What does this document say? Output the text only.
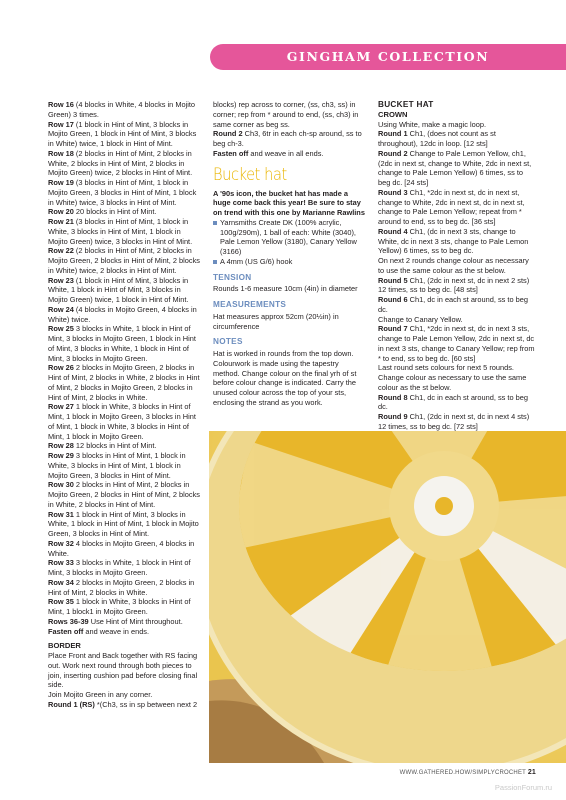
GINGHAM COLLECTION

Row 16 (4 blocks in White, 4 blocks in Mojito Green) 3 times.

Row 17 (1 block in Hint of Mint, 3 blocks in Mojito Green, 1 block in Hint of Mint, 3 blocks in White) twice, 1 block in Hint of Mint.

Row 18 (2 blocks in Hint of Mint, 2 blocks in White, 2 blocks in Hint of Mint, 2 blocks in Mojito Green) twice, 2 blocks in Hint of Mint.

Row 19 (3 blocks in Hint of Mint, 1 block in Mojito Green, 3 blocks in Hint of Mint, 1 block in White) twice, 3 blocks in Hint of Mint.

Row 20 20 blocks in Hint of Mint.

Row 21 (3 blocks in Hint of Mint, 1 block in White, 3 blocks in Hint of Mint, 1 block in Mojito Green) twice, 3 blocks in Hint of Mint.

Row 22 (2 blocks in Hint of Mint, 2 blocks in Mojito Green, 2 blocks in Hint of Mint, 2 blocks in White) twice, 2 blocks in Hint of Mint.

Row 23 (1 block in Hint of Mint, 3 blocks in White, 1 block in Hint of Mint, 3 blocks in Mojito Green) twice, 1 block in Hint of Mint.

Row 24 (4 blocks in Mojito Green, 4 blocks in White) twice.

Row 25 3 blocks in White, 1 block in Hint of Mint, 3 blocks in Mojito Green, 1 block in Hint of Mint, 3 blocks in White, 1 block in Hint of Mint, 3 blocks in Mojito Green.

Row 26 2 blocks in Mojito Green, 2 blocks in Hint of Mint, 2 blocks in White, 2 blocks in Hint of Mint, 2 blocks in Mojito Green, 2 blocks in Hint of Mint, 2 blocks in White.

Row 27 1 block in White, 3 blocks in Hint of Mint, 1 block in Mojito Green, 3 blocks in Hint of Mint, 1 block in White, 3 blocks in Hint of Mint, 1 block in Mojito Green.

Row 28 12 blocks in Hint of Mint.

Row 29 3 blocks in Hint of Mint, 1 block in White, 3 blocks in Hint of Mint, 1 block in Mojito Green, 3 blocks in Hint of Mint.

Row 30 2 blocks in Hint of Mint, 2 blocks in Mojito Green, 2 blocks in Hint of Mint, 2 blocks in White, 2 blocks in Hint of Mint.

Row 31 1 block in Hint of Mint, 3 blocks in White, 1 block in Hint of Mint, 1 block in Mojito Green, 3 blocks in Hint of Mint.

Row 32 4 blocks in Mojito Green, 4 blocks in White.

Row 33 3 blocks in White, 1 block in Hint of Mint, 3 blocks in Mojito Green.

Row 34 2 blocks in Mojito Green, 2 blocks in Hint of Mint, 2 blocks in White.

Row 35 1 block in White, 3 blocks in Hint of Mint, 1 block1 in Mojito Green.

Rows 36-39 Use Hint of Mint throughout.

Fasten off and weave in ends.

BORDER

Place Front and Back together with RS facing out. Work next round through both pieces to join, inserting cushion pad before closing final side.

Join Mojito Green in any corner.

Round 1 (RS) *(Ch3, ss in sp between next 2

blocks) rep across to corner, (ss, ch3, ss) in corner; rep from * around to end, (ss, ch3) in same corner as beg ss.

Round 2 Ch3, 6tr in each ch-sp around, ss to beg ch-3.

Fasten off and weave in all ends.

Bucket hat

A '90s icon, the bucket hat has made a huge come back this year! Be sure to stay on trend with this one by Marianne Rawlins

Yarnsmiths Create DK (100% acrylic, 100g/290m), 1 ball of each: White (3040), Pale Lemon Yellow (3180), Canary Yellow (3166)

A 4mm (US G/6) hook

TENSION

Rounds 1-6 measure 10cm (4in) in diameter

MEASUREMENTS

Hat measures approx 52cm (20½in) in circumference

NOTES

Hat is worked in rounds from the top down. Colourwork is made using the tapestry method. Change colour on the final yrh of st before colour change is indicated. Carry the unused colour across the top of your sts, enclosing the strand as you work.

BUCKET HAT
CROWN

Using White, make a magic loop.

Round 1 Ch1, (does not count as st throughout), 12dc in loop. [12 sts]

Round 2 Change to Pale Lemon Yellow, ch1, (2dc in next st, change to White, 2dc in next st, change to Pale Lemon Yellow) 6 times, ss to beg dc. [24 sts]

Round 3 Ch1, *2dc in next st, dc in next st, change to White, 2dc in next st, dc in next st, change to Pale Lemon Yellow; repeat from * around to end, ss to beg dc. [36 sts]

Round 4 Ch1, (dc in next 3 sts, change to White, dc in next 3 sts, change to Pale Lemon Yellow) 6 times, ss to beg dc.

On next 2 rounds change colour as necessary to use the same colour as the st below.

Round 5 Ch1, (2dc in next st, dc in next 2 sts) 12 times, ss to beg dc. [48 sts]

Round 6 Ch1, dc in each st around, ss to beg dc.

Change to Canary Yellow.

Round 7 Ch1, *2dc in next st, dc in next 3 sts, change to Pale Lemon Yellow, 2dc in next st, dc in next 3 sts, change to Canary Yellow; rep from * to end, ss to beg dc. [60 sts]

Last round sets colours for next 5 rounds. Change colour as necessary to use the same colour as the st below.

Round 8 Ch1, dc in each st around, ss to beg dc.

Round 9 Ch1, (2dc in next st, dc in next 4 sts) 12 times, ss to beg dc. [72 sts]

WWW.GATHERED.HOW/SIMPLYCROCHET 21
PassionForum.ru
